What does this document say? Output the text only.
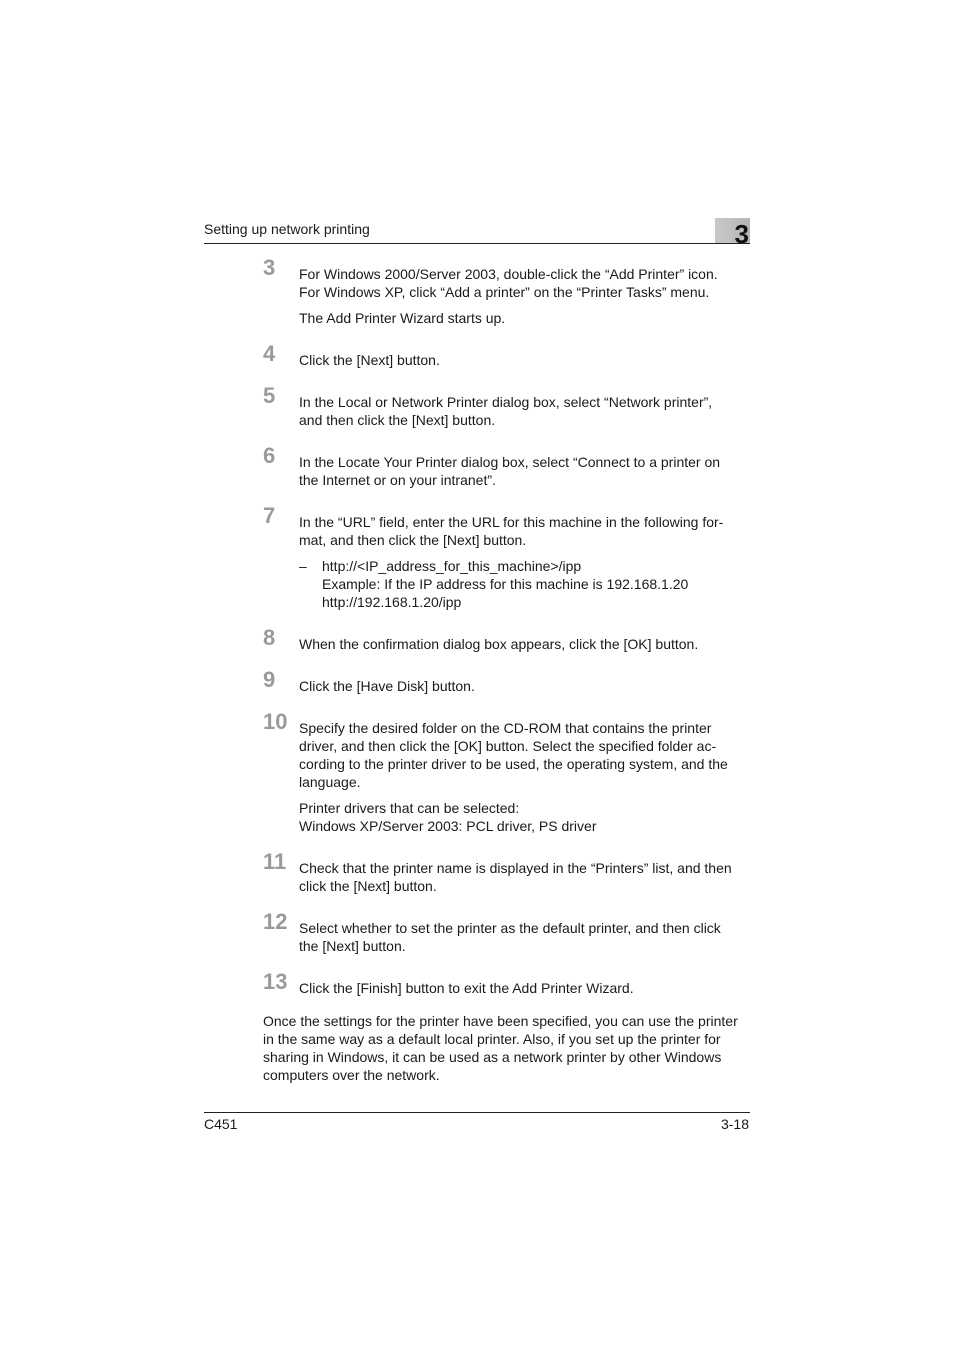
Setting up network printing	3
3 For Windows 2000/Server 2003, double-click the “Add Printer” icon.
For Windows XP, click “Add a printer” on the “Printer Tasks” menu.
The Add Printer Wizard starts up.
4 Click the [Next] button.
5 In the Local or Network Printer dialog box, select “Network printer”,
and then click the [Next] button.
6 In the Locate Your Printer dialog box, select “Connect to a printer on
the Internet or on your intranet”.
7 In the “URL” field, enter the URL for this machine in the following for-
mat, and then click the [Next] button.
– http://<IP_address_for_this_machine>/ipp
Example: If the IP address for this machine is 192.168.1.20
http://192.168.1.20/ipp
8 When the confirmation dialog box appears, click the [OK] button.
9 Click the [Have Disk] button.
10 Specify the desired folder on the CD-ROM that contains the printer
driver, and then click the [OK] button. Select the specified folder ac-
cording to the printer driver to be used, the operating system, and the
language.
Printer drivers that can be selected:
Windows XP/Server 2003: PCL driver, PS driver
11 Check that the printer name is displayed in the “Printers” list, and then
click the [Next] button.
12 Select whether to set the printer as the default printer, and then click
the [Next] button.
13 Click the [Finish] button to exit the Add Printer Wizard.
Once the settings for the printer have been specified, you can use the printer
in the same way as a default local printer. Also, if you set up the printer for
sharing in Windows, it can be used as a network printer by other Windows
computers over the network.
C451	3-18
